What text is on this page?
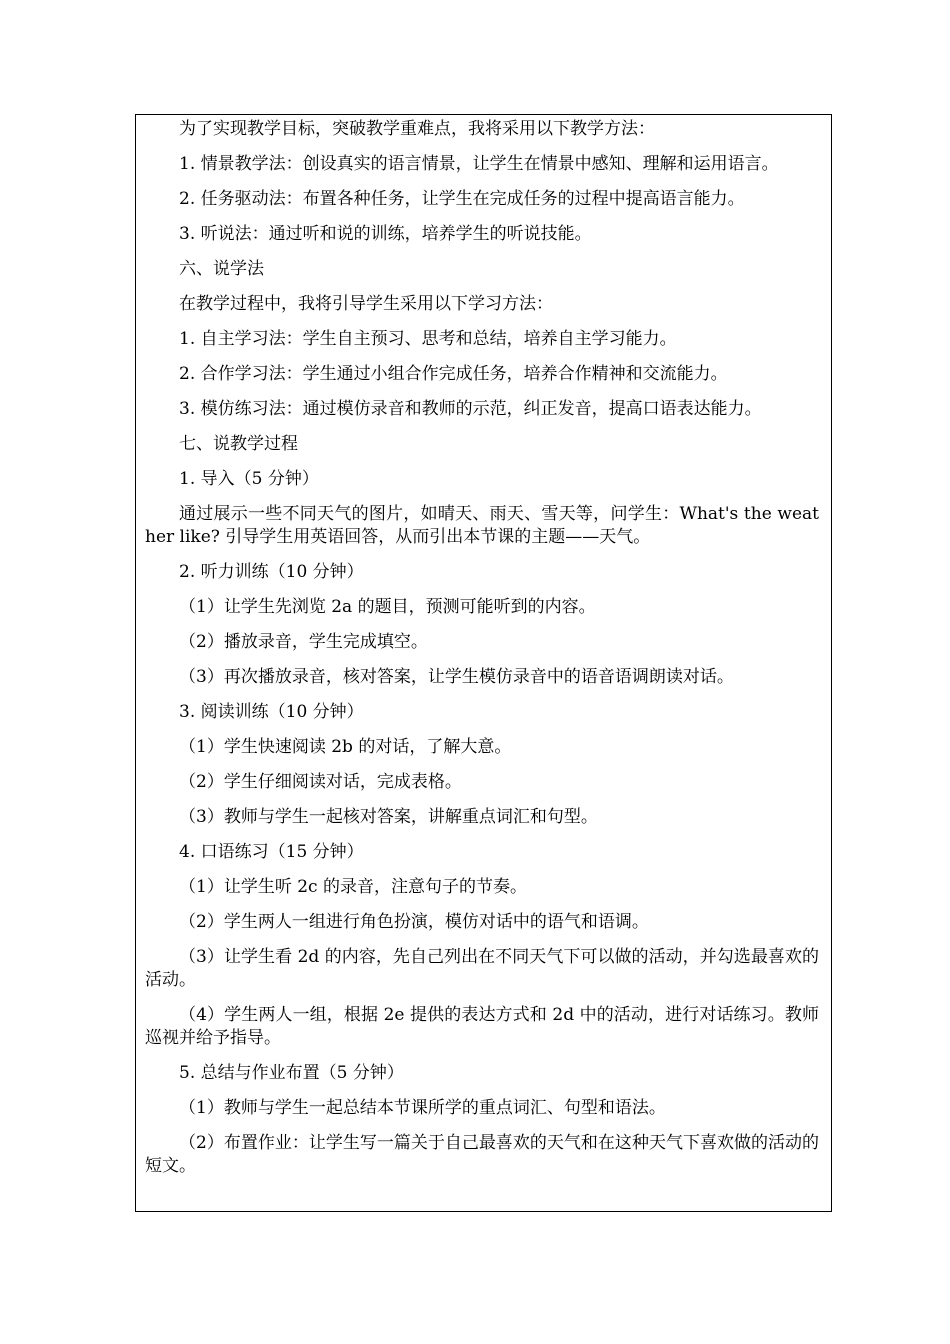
为了实现教学目标，突破教学重难点，我将采用以下教学方法：

1. 情景教学法：创设真实的语言情景，让学生在情景中感知、理解和运用语言。

2. 任务驱动法：布置各种任务，让学生在完成任务的过程中提高语言能力。

3. 听说法：通过听和说的训练，培养学生的听说技能。

六、说学法

在教学过程中，我将引导学生采用以下学习方法：

1. 自主学习法：学生自主预习、思考和总结，培养自主学习能力。

2. 合作学习法：学生通过小组合作完成任务，培养合作精神和交流能力。

3. 模仿练习法：通过模仿录音和教师的示范，纠正发音，提高口语表达能力。

七、说教学过程

1. 导入（5 分钟）

通过展示一些不同天气的图片，如晴天、雨天、雪天等，问学生：What's the weather like? 引导学生用英语回答，从而引出本节课的主题——天气。

2. 听力训练（10 分钟）

（1）让学生先浏览 2a 的题目，预测可能听到的内容。

（2）播放录音，学生完成填空。

（3）再次播放录音，核对答案，让学生模仿录音中的语音语调朗读对话。

3. 阅读训练（10 分钟）

（1）学生快速阅读 2b 的对话，了解大意。

（2）学生仔细阅读对话，完成表格。

（3）教师与学生一起核对答案，讲解重点词汇和句型。

4. 口语练习（15 分钟）

（1）让学生听 2c 的录音，注意句子的节奏。

（2）学生两人一组进行角色扮演，模仿对话中的语气和语调。

（3）让学生看 2d 的内容，先自己列出在不同天气下可以做的活动，并勾选最喜欢的活动。

（4）学生两人一组，根据 2e 提供的表达方式和 2d 中的活动，进行对话练习。教师巡视并给予指导。

5. 总结与作业布置（5 分钟）

（1）教师与学生一起总结本节课所学的重点词汇、句型和语法。

（2）布置作业：让学生写一篇关于自己最喜欢的天气和在这种天气下喜欢做的活动的短文。
